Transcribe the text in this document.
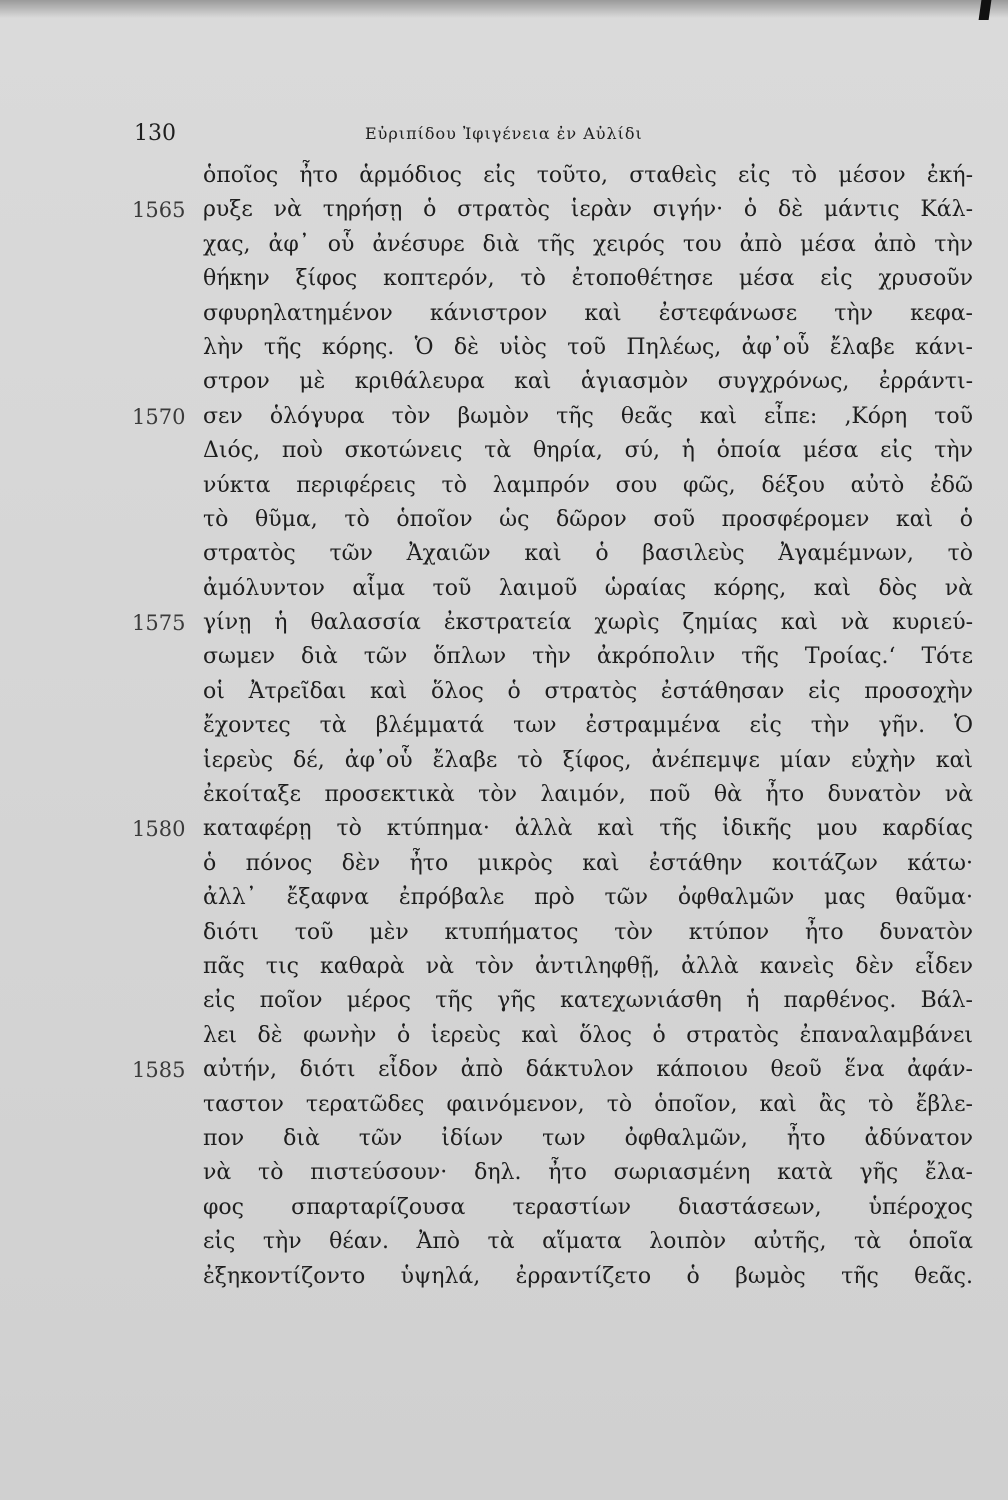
130	Εὐριπίδου Ἰφιγένεια ἐν Αὐλίδι
ὁποῖος ἦτο ἁρμόδιος εἰς τοῦτο, σταθεὶς εἰς τὸ μέσον ἐκή-
1565 ρυξε νὰ τηρήσῃ ὁ στρατὸς ἱερὰν σιγήν· ὁ δὲ μάντις Κάλ-
χας, ἀφ᾽ οὗ ἀνέσυρε διὰ τῆς χειρός του ἀπὸ μέσα ἀπὸ τὴν
θήκην ξίφος κοπτερόν, τὸ ἐτοποθέτησε μέσα εἰς χρυσοῦν
σφυρηλατημένον κάνιστρον καὶ ἐστεφάνωσε τὴν κεφα-
λὴν τῆς κόρης. Ὁ δὲ υἱὸς τοῦ Πηλέως, ἀφ᾽οὗ ἔλαβε κάνι-
στρον μὲ κριθάλευρα καὶ ἁγιασμὸν συγχρόνως, ἐρράντι-
1570 σεν ὁλόγυρα τὸν βωμὸν τῆς θεᾶς καὶ εἶπε: ‚Κόρη τοῦ
Διός, ποὺ σκοτώνεις τὰ θηρία, σύ, ἡ ὁποία μέσα εἰς τὴν
νύκτα περιφέρεις τὸ λαμπρόν σου φῶς, δέξου αὐτὸ ἐδῶ
τὸ θῦμα, τὸ ὁποῖον ὡς δῶρον σοῦ προσφέρομεν καὶ ὁ
στρατὸς τῶν Ἀχαιῶν καὶ ὁ βασιλεὺς Ἀγαμέμνων, τὸ
ἀμόλυντον αἷμα τοῦ λαιμοῦ ὡραίας κόρης, καὶ δὸς νὰ
1575 γίνῃ ἡ θαλασσία ἐκστρατεία χωρὶς ζημίας καὶ νὰ κυριεύ-
σωμεν διὰ τῶν ὅπλων τὴν ἀκρόπολιν τῆς Τροίας.‘ Τότε
οἱ Ἀτρεῖδαι καὶ ὅλος ὁ στρατὸς ἐστάθησαν εἰς προσοχὴν
ἔχοντες τὰ βλέμματά των ἐστραμμένα εἰς τὴν γῆν. Ὁ
ἱερεὺς δέ, ἀφ᾽οὗ ἔλαβε τὸ ξίφος, ἀνέπεμψε μίαν εὐχὴν καὶ
ἐκοίταξε προσεκτικὰ τὸν λαιμόν, ποῦ θὰ ἦτο δυνατὸν νὰ
1580 καταφέρῃ τὸ κτύπημα· ἀλλὰ καὶ τῆς ἰδικῆς μου καρδίας
ὁ πόνος δὲν ἦτο μικρὸς καὶ ἐστάθην κοιτάζων κάτω·
ἀλλ᾽ ἔξαφνα ἐπρόβαλε πρὸ τῶν ὀφθαλμῶν μας θαῦμα·
διότι τοῦ μὲν κτυπήματος τὸν κτύπον ἦτο δυνατὸν
πᾶς τις καθαρὰ νὰ τὸν ἀντιληφθῇ, ἀλλὰ κανεὶς δὲν εἶδεν
εἰς ποῖον μέρος τῆς γῆς κατεχωνιάσθη ἡ παρθένος. Βάλ-
λει δὲ φωνὴν ὁ ἱερεὺς καὶ ὅλος ὁ στρατὸς ἐπαναλαμβάνει
1585 αὐτήν, διότι εἶδον ἀπὸ δάκτυλον κάποιου θεοῦ ἕνα ἀφάν-
ταστον τερατῶδες φαινόμενον, τὸ ὁποῖον, καὶ ἂς τὸ ἔβλε-
πον διὰ τῶν ἰδίων των ὀφθαλμῶν, ἦτο ἀδύνατον
νὰ τὸ πιστεύσουν· δηλ. ἦτο σωριασμένη κατὰ γῆς ἔλα-
φος σπαρταρίζουσα τεραστίων διαστάσεων, ὑπέροχος
εἰς τὴν θέαν. Ἀπὸ τὰ αἵματα λοιπὸν αὐτῆς, τὰ ὁποῖα
ἐξηκοντίζοντο ὑψηλά, ἐρραντίζετο ὁ βωμὸς τῆς θεᾶς.
